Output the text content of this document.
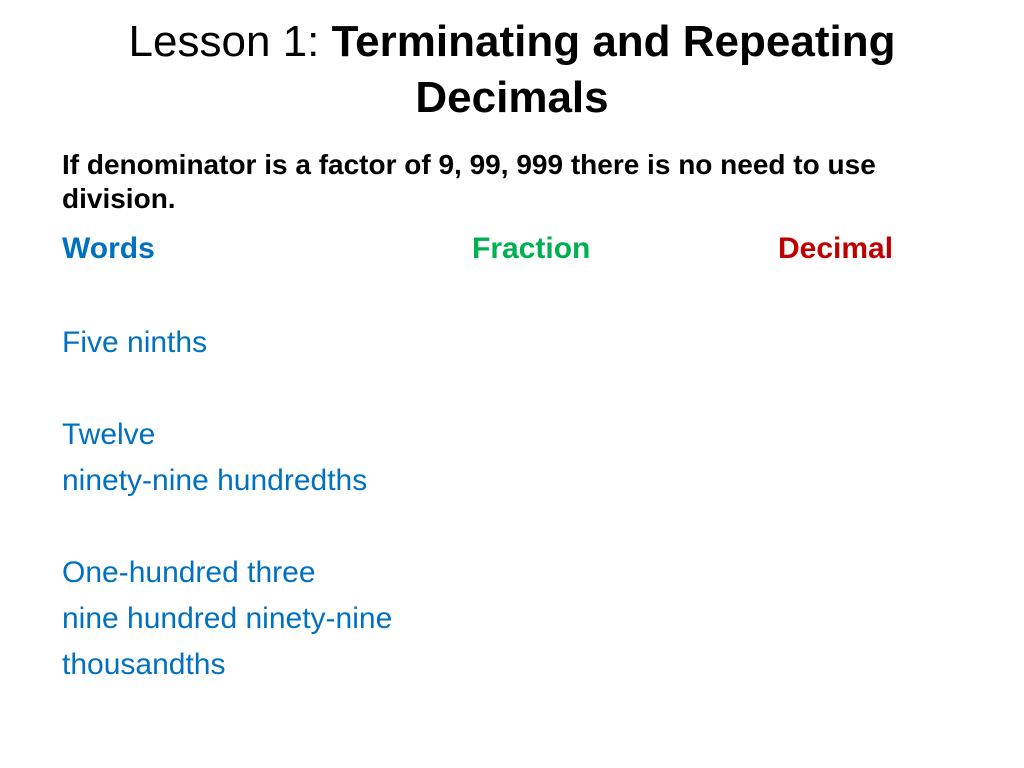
Lesson 1: Terminating and Repeating Decimals
If denominator is a factor of 9, 99, 999 there is no need to use division.
Words	Fraction	Decimal
Five ninths
Twelve
ninety-nine hundredths
One-hundred three
nine hundred ninety-nine
thousandths
